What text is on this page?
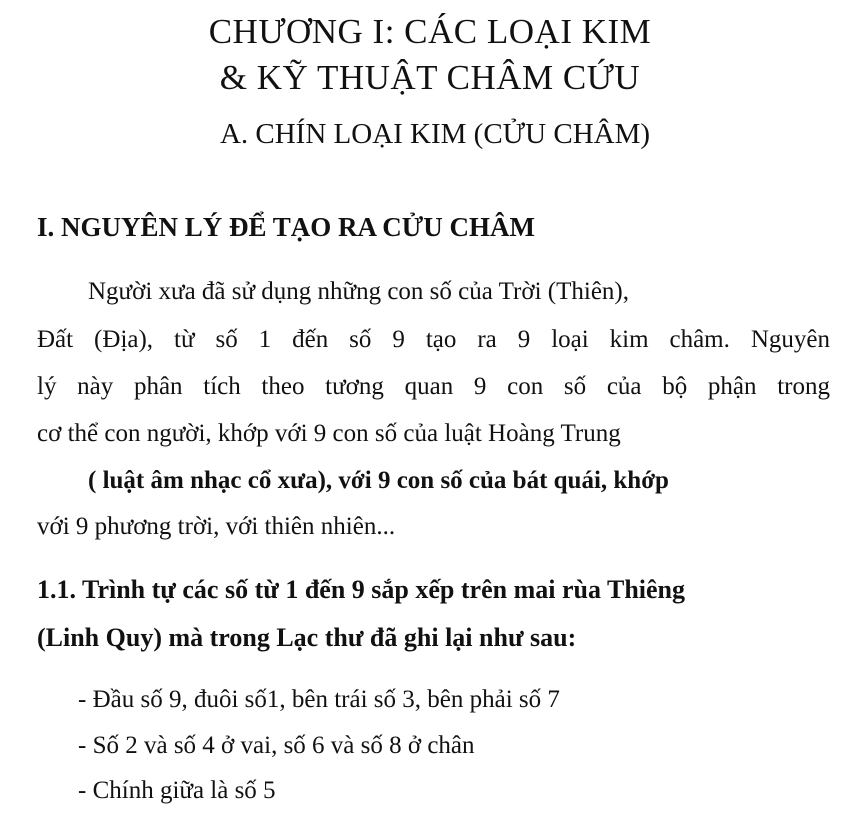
CHƯƠNG I: CÁC LOẠI KIM
& KỸ THUẬT CHÂM CỨU
A. CHÍN LOẠI KIM (CỬU CHÂM)
I. NGUYÊN LÝ ĐỂ TẠO RA CỬU CHÂM
Người xưa đã sử dụng những con số của Trời (Thiên),
Đất (Địa), từ số 1 đến số 9 tạo ra 9 loại kim châm. Nguyên
lý này phân tích theo tương quan 9 con số của bộ phận trong
cơ thể con người, khớp với 9 con số của luật Hoàng Trung
( luật âm nhạc cổ xưa), với 9 con số của bát quái, khớp
với 9 phương trời, với thiên nhiên...
1.1. Trình tự các số từ 1 đến 9 sắp xếp trên mai rùa Thiêng
(Linh Quy) mà trong Lạc thư đã ghi lại như sau:
- Đầu số 9, đuôi số1, bên trái số 3, bên phải số 7
- Số 2 và số 4 ở vai, số 6 và số 8 ở chân
- Chính giữa là số 5
